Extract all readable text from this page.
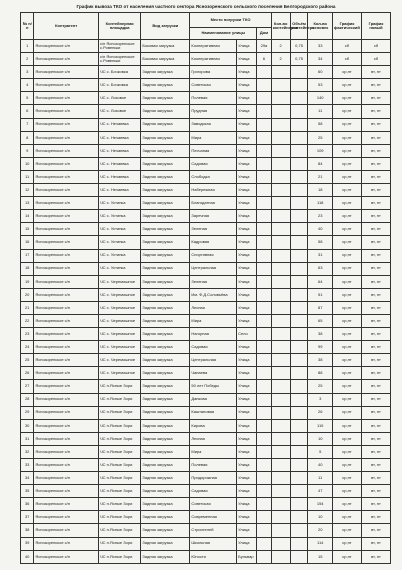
График вывоза ТКО от населения частного сектора Яснозоренского сельского поселения Белгородского района
№ п/п	Контрагент	Контейнерная площадка	Вид загрузки	Место погрузки ТКО			Кол-во контейнеров	Объём контейнера	Кол-во человек	График фактический	График новый
				Наименование улицы		Дом					
1	Яснозоренское с/п	с/п Яснозоренское с.Ровеньки	Боковая загрузка	Кооперативная	Улица	29а	2	0,75	33	сб	сб
2	Яснозоренское с/п	с/п Яснозоренское с.Ровеньки	Боковая загрузка	Кооперативная	Улица	6	2	0,75	34	сб	сб
3	Яснозоренское с/п	ЧС с. Бочковка	Задняя загрузка	Григорова	Улица				60	ср,пт	вт, пт
4	Яснозоренское с/п	ЧС с. Бочковка	Задняя загрузка	Советская	Улица				53	ср,пт	вт, пт
5	Яснозоренское с/п	ЧС с. Лозовое	Задняя загрузка	Полевая	Улица				140	ср,пт	вт, пт
6	Яснозоренское с/п	ЧС с. Лозовое	Задняя загрузка	Прудная	Улица				11	ср,пт	вт, пт
7	Яснозоренское с/п	ЧС с. Нечаевка	Задняя загрузка	Заводская	Улица				58	ср,пт	вт, пт
8	Яснозоренское с/п	ЧС с. Нечаевка	Задняя загрузка	Мира	Улица				25	ср,пт	вт, пт
9	Яснозоренское с/п	ЧС с. Нечаевка	Задняя загрузка	Песчаная	Улица				109	ср,пт	вт, пт
10	Яснозоренское с/п	ЧС с. Нечаевка	Задняя загрузка	Садовая	Улица				84	ср,пт	вт, пт
11	Яснозоренское с/п	ЧС с. Нечаевка	Задняя загрузка	Слободка	Улица				21	ср,пт	вт, пт
12	Яснозоренское с/п	ЧС с. Нечаевка	Задняя загрузка	Набережная	Улица				18	ср,пт	вт, пт
13	Яснозоренское с/п	ЧС с. Устинка	Задняя загрузка	Благодатная	Улица				118	ср,пт	вт, пт
14	Яснозоренское с/п	ЧС с. Устинка	Задняя загрузка	Заречная	Улица				23	ср,пт	вт, пт
15	Яснозоренское с/п	ЧС с. Устинка	Задняя загрузка	Зеленая	Улица				40	ср,пт	вт, пт
16	Яснозоренское с/п	ЧС с. Устинка	Задняя загрузка	Кадровая	Улица				58	ср,пт	вт, пт
17	Яснозоренское с/п	ЧС с. Устинка	Задняя загрузка	Спортивная	Улица				31	ср,пт	вт, пт
18	Яснозоренское с/п	ЧС с. Устинка	Задняя загрузка	Центральная	Улица				63	ср,пт	вт, пт
19	Яснозоренское с/п	ЧС с. Черемошное	Задняя загрузка	Зеленая	Улица				64	ср,пт	вт, пт
20	Яснозоренское с/п	ЧС с. Черемошное	Задняя загрузка	Им. Ф.Д.Соловьёва	Улица				51	ср,пт	вт, пт
21	Яснозоренское с/п	ЧС с. Черемошное	Задняя загрузка	Лесная	Улица				87	ср,пт	вт, пт
22	Яснозоренское с/п	ЧС с. Черемошное	Задняя загрузка	Мира	Улица				65	ср,пт	вт, пт
23	Яснозоренское с/п	ЧС с. Черемошное	Задняя загрузка	Нагорная	Село				38	ср,пт	вт, пт
24	Яснозоренское с/п	ЧС с. Черемошное	Задняя загрузка	Садовая	Улица				99	ср,пт	вт, пт
25	Яснозоренское с/п	ЧС с. Черемошное	Задняя загрузка	Центральная	Улица				38	ср,пт	вт, пт
26	Яснозоренское с/п	ЧС с. Черемошное	Задняя загрузка	Чапаева	Улица				88	ср,пт	вт, пт
27	Яснозоренское с/п	ЧС п.Ясные Зори	Задняя загрузка	50 лет Победы	Улица				25	ср,пт	вт, пт
28	Яснозоренское с/п	ЧС п.Ясные Зори	Задняя загрузка	Данкова	Улица				3	ср,пт	вт, пт
29	Яснозоренское с/п	ЧС п.Ясные Зори	Задняя загрузка	Каштановая	Улица				26	ср,пт	вт, пт
30	Яснозоренское с/п	ЧС п.Ясные Зори	Задняя загрузка	Кирова	Улица				119	ср,пт	вт, пт
31	Яснозоренское с/п	ЧС п.Ясные Зори	Задняя загрузка	Лесная	Улица				10	ср,пт	вт, пт
32	Яснозоренское с/п	ЧС п.Ясные Зори	Задняя загрузка	Мира	Улица				5	ср,пт	вт, пт
33	Яснозоренское с/п	ЧС п.Ясные Зори	Задняя загрузка	Полевая	Улица				40	ср,пт	вт, пт
34	Яснозоренское с/п	ЧС п.Ясные Зори	Задняя загрузка	Придорожная	Улица				11	ср,пт	вт, пт
35	Яснозоренское с/п	ЧС п.Ясные Зори	Задняя загрузка	Садовая	Улица				47	ср,пт	вт, пт
36	Яснозоренское с/п	ЧС п.Ясные Зори	Задняя загрузка	Советская	Улица				154	ср,пт	вт, пт
37	Яснозоренское с/п	ЧС п.Ясные Зори	Задняя загрузка	Современная	Улица				10	ср,пт	вт, пт
38	Яснозоренское с/п	ЧС п.Ясные Зори	Задняя загрузка	Строителей	Улица				20	ср,пт	вт, пт
39	Яснозоренское с/п	ЧС п.Ясные Зори	Задняя загрузка	Школьная	Улица				114	ср,пт	вт, пт
40	Яснозоренское с/п	ЧС п.Ясные Зори	Задняя загрузка	Юности	Бульвар				15	ср,пт	вт, пт
